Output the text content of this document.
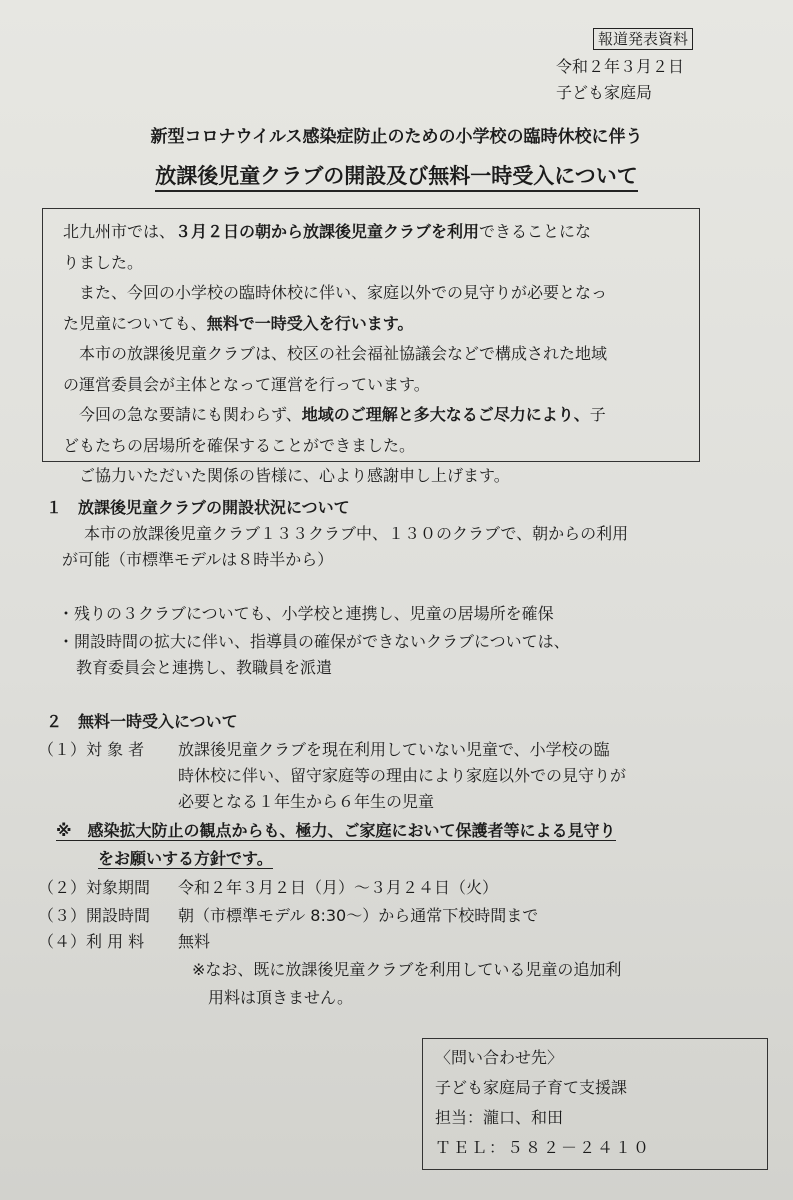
報道発表資料
令和２年３月２日
子ども家庭局
新型コロナウイルス感染症防止のための小学校の臨時休校に伴う
放課後児童クラブの開設及び無料一時受入について

北九州市では、３月２日の朝から放課後児童クラブを利用できることにな

りました。

　また、今回の小学校の臨時休校に伴い、家庭以外での見守りが必要となっ

た児童についても、無料で一時受入を行います。

　本市の放課後児童クラブは、校区の社会福祉協議会などで構成された地域

の運営委員会が主体となって運営を行っています。

　今回の急な要請にも関わらず、地域のご理解と多大なるご尽力により、子

どもたちの居場所を確保することができました。

　ご協力いただいた関係の皆様に、心より感謝申し上げます。

１　放課後児童クラブの開設状況について
本市の放課後児童クラブ１３３クラブ中、１３０のクラブで、朝からの利用
が可能（市標準モデルは８時半から）
・残りの３クラブについても、小学校と連携し、児童の居場所を確保
・開設時間の拡大に伴い、指導員の確保ができないクラブについては、
教育委員会と連携し、教職員を派遣
２　無料一時受入について
（１）対 象 者 放課後児童クラブを現在利用していない児童で、小学校の臨
時休校に伴い、留守家庭等の理由により家庭以外での見守りが
必要となる１年生から６年生の児童
※　感染拡大防止の観点からも、極力、ご家庭において保護者等による見守り
をお願いする方針です。
（２）対象期間 令和２年３月２日（月）～３月２４日（火）
（３）開設時間 朝（市標準モデル 8:30～）から通常下校時間まで
（４）利 用 料 無料
※なお、既に放課後児童クラブを利用している児童の追加利
用料は頂きません。
〈問い合わせ先〉
子ども家庭局子育て支援課
担当：瀧口、和田
ＴＥＬ：５８２－２４１０
